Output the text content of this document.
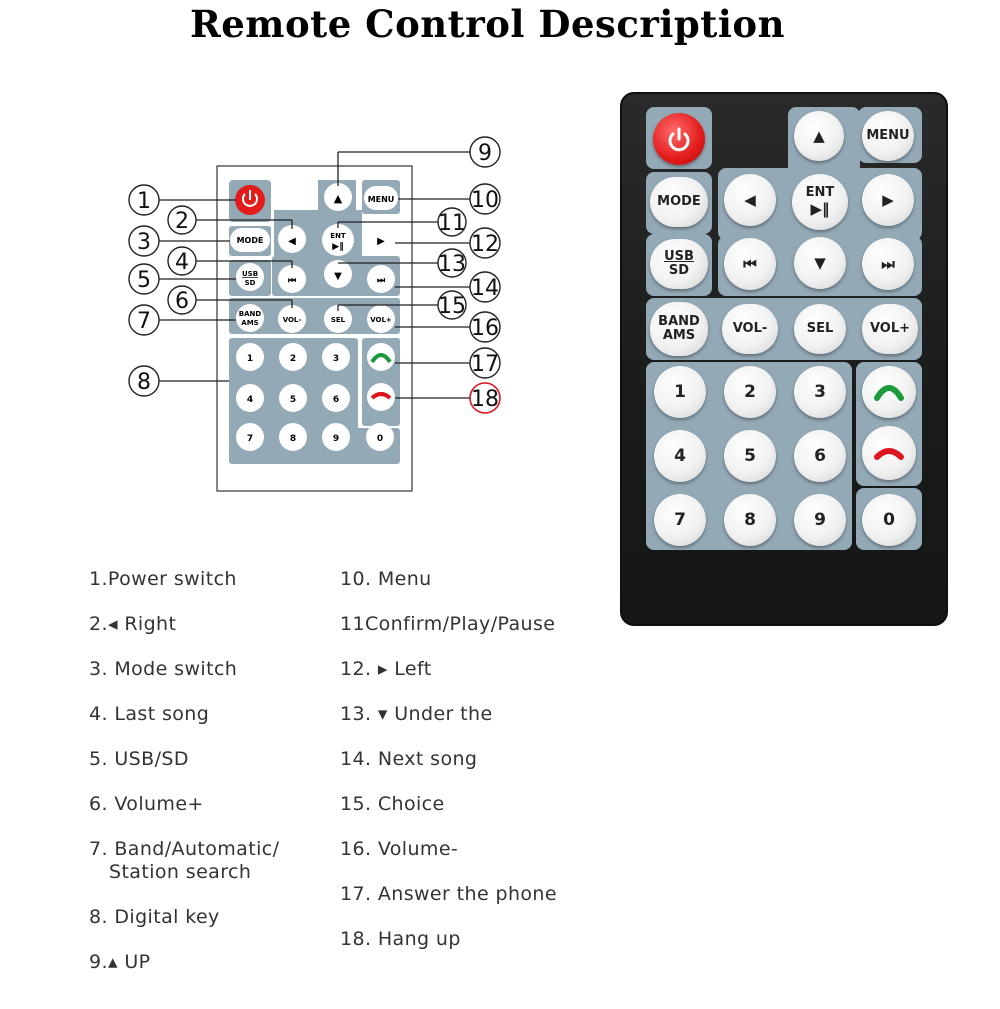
Remote Control Description
▲	MENU
MODE ◀	ENT
▶‖	▶
USB
SD	⏮	▼	⏭
BAND
AMS	VOL-	SEL	VOL+
1	2	3
4	5	6
7	8	9	0
1
2
3
4
5
6
7
8
9
10
11
12
13
14
15
16
17
18
▲	MENU
MODE	◀	ENT
▶‖	▶
USB
SD	⏮	▼	⏭
BAND
AMS	VOL-	SEL	VOL+
1	2	3
4	5	6
7	8	9	0
1.Power switch
2.◂ Right
3. Mode switch
4. Last song
5. USB/SD
6. Volume+
7. Band/Automatic/
Station search
8. Digital key
9.▴ UP
10. Menu
11Confirm/Play/Pause
12. ▸ Left
13. ▾ Under the
14. Next song
15. Choice
16. Volume-
17. Answer the phone
18. Hang up
